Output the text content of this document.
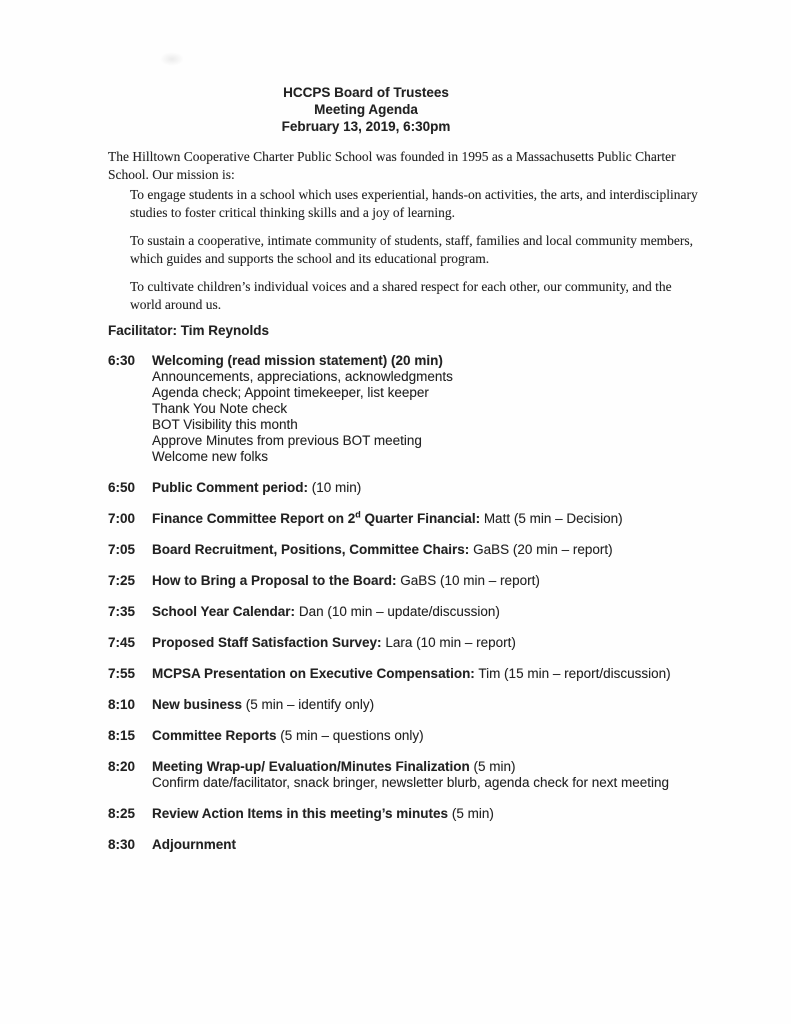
HCCPS Board of Trustees
Meeting Agenda
February 13, 2019, 6:30pm
The Hilltown Cooperative Charter Public School was founded in 1995 as a Massachusetts Public Charter School. Our mission is:
To engage students in a school which uses experiential, hands-on activities, the arts, and interdisciplinary studies to foster critical thinking skills and a joy of learning.
To sustain a cooperative, intimate community of students, staff, families and local community members, which guides and supports the school and its educational program.
To cultivate children’s individual voices and a shared respect for each other, our community, and the world around us.
Facilitator: Tim Reynolds
6:30	Welcoming (read mission statement) (20 min)
Announcements, appreciations, acknowledgments
Agenda check; Appoint timekeeper, list keeper
Thank You Note check
BOT Visibility this month
Approve Minutes from previous BOT meeting
Welcome new folks
6:50	Public Comment period: (10 min)
7:00	Finance Committee Report on 2$^d$ Quarter Financial: Matt (5 min – Decision)
7:05	Board Recruitment, Positions, Committee Chairs: GaBS (20 min – report)
7:25	How to Bring a Proposal to the Board: GaBS (10 min – report)
7:35	School Year Calendar: Dan (10 min – update/discussion)
7:45	Proposed Staff Satisfaction Survey: Lara (10 min – report)
7:55	MCPSA Presentation on Executive Compensation: Tim (15 min – report/discussion)
8:10	New business (5 min – identify only)
8:15	Committee Reports (5 min – questions only)
8:20	Meeting Wrap-up/ Evaluation/Minutes Finalization (5 min)
Confirm date/facilitator, snack bringer, newsletter blurb, agenda check for next meeting
8:25	Review Action Items in this meeting’s minutes (5 min)
8:30	Adjournment
